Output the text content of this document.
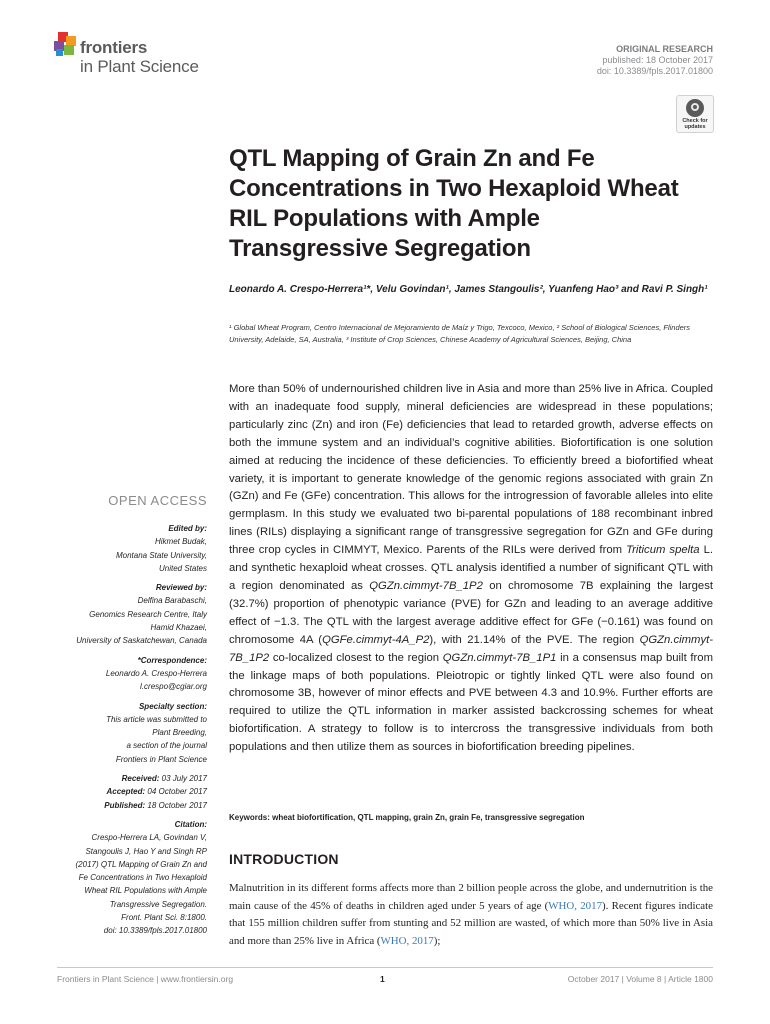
frontiers
in Plant Science
ORIGINAL RESEARCH
published: 18 October 2017
doi: 10.3389/fpls.2017.01800
Check for
updates
QTL Mapping of Grain Zn and Fe Concentrations in Two Hexaploid Wheat RIL Populations with Ample Transgressive Segregation
Leonardo A. Crespo-Herrera¹*, Velu Govindan¹, James Stangoulis², Yuanfeng Hao³ and Ravi P. Singh¹
¹ Global Wheat Program, Centro Internacional de Mejoramiento de Maíz y Trigo, Texcoco, Mexico, ² School of Biological Sciences, Flinders University, Adelaide, SA, Australia, ³ Institute of Crop Sciences, Chinese Academy of Agricultural Sciences, Beijing, China
More than 50% of undernourished children live in Asia and more than 25% live in Africa. Coupled with an inadequate food supply, mineral deficiencies are widespread in these populations; particularly zinc (Zn) and iron (Fe) deficiencies that lead to retarded growth, adverse effects on both the immune system and an individual’s cognitive abilities. Biofortification is one solution aimed at reducing the incidence of these deficiencies. To efficiently breed a biofortified wheat variety, it is important to generate knowledge of the genomic regions associated with grain Zn (GZn) and Fe (GFe) concentration. This allows for the introgression of favorable alleles into elite germplasm. In this study we evaluated two bi-parental populations of 188 recombinant inbred lines (RILs) displaying a significant range of transgressive segregation for GZn and GFe during three crop cycles in CIMMYT, Mexico. Parents of the RILs were derived from Triticum spelta L. and synthetic hexaploid wheat crosses. QTL analysis identified a number of significant QTL with a region denominated as QGZn.cimmyt-7B_1P2 on chromosome 7B explaining the largest (32.7%) proportion of phenotypic variance (PVE) for GZn and leading to an average additive effect of −1.3. The QTL with the largest average additive effect for GFe (−0.161) was found on chromosome 4A (QGFe.cimmyt-4A_P2), with 21.14% of the PVE. The region QGZn.cimmyt-7B_1P2 co-localized closest to the region QGZn.cimmyt-7B_1P1 in a consensus map built from the linkage maps of both populations. Pleiotropic or tightly linked QTL were also found on chromosome 3B, however of minor effects and PVE between 4.3 and 10.9%. Further efforts are required to utilize the QTL information in marker assisted backcrossing schemes for wheat biofortification. A strategy to follow is to intercross the transgressive individuals from both populations and then utilize them as sources in biofortification breeding pipelines.
Keywords: wheat biofortification, QTL mapping, grain Zn, grain Fe, transgressive segregation
INTRODUCTION
Malnutrition in its different forms affects more than 2 billion people across the globe, and undernutrition is the main cause of the 45% of deaths in children aged under 5 years of age (WHO, 2017). Recent figures indicate that 155 million children suffer from stunting and 52 million are wasted, of which more than 50% live in Asia and more than 25% live in Africa (WHO, 2017);
OPEN ACCESS
Edited by:
Hikmet Budak,
Montana State University,
United States
Reviewed by:
Delfina Barabaschi,
Genomics Research Centre, Italy
Hamid Khazaei,
University of Saskatchewan, Canada
*Correspondence:
Leonardo A. Crespo-Herrera
l.crespo@cgiar.org
Specialty section:
This article was submitted to
Plant Breeding,
a section of the journal
Frontiers in Plant Science
Received: 03 July 2017
Accepted: 04 October 2017
Published: 18 October 2017
Citation:
Crespo-Herrera LA, Govindan V,
Stangoulis J, Hao Y and Singh RP
(2017) QTL Mapping of Grain Zn and
Fe Concentrations in Two Hexaploid
Wheat RIL Populations with Ample
Transgressive Segregation.
Front. Plant Sci. 8:1800.
doi: 10.3389/fpls.2017.01800
Frontiers in Plant Science | www.frontiersin.org	1	October 2017 | Volume 8 | Article 1800
